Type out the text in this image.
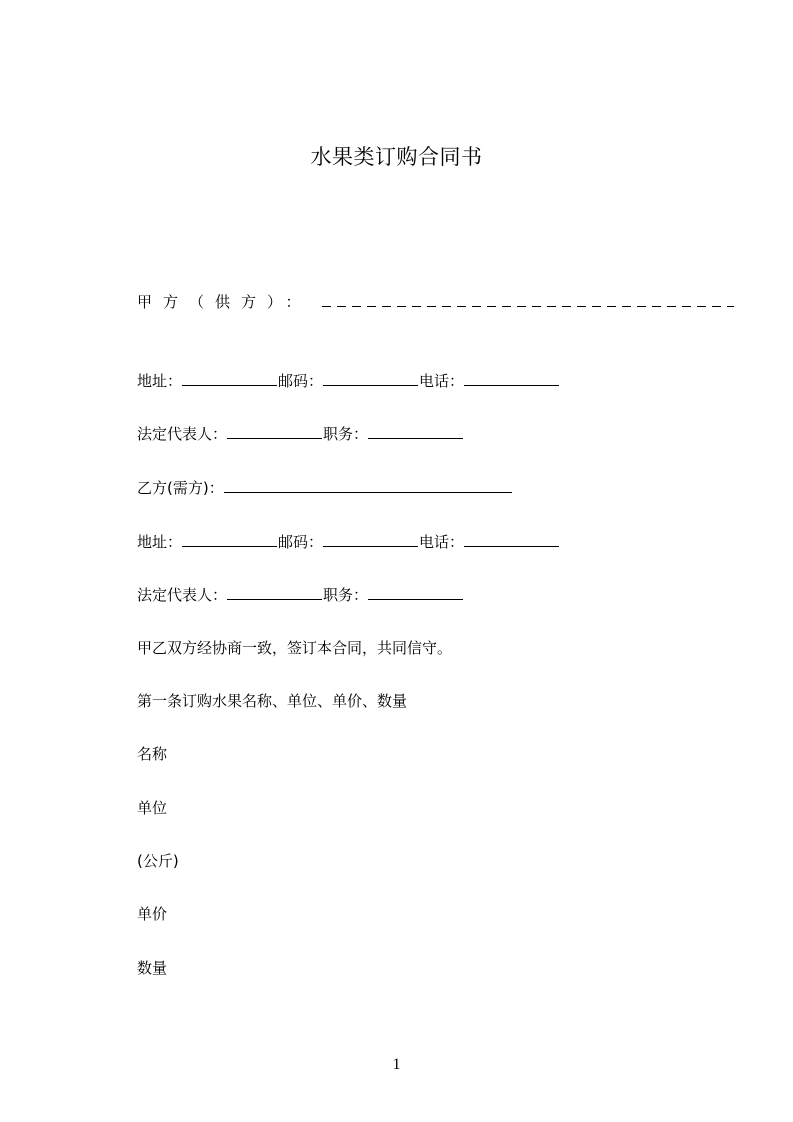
水果类订购合同书
甲方（供方）：
地址：	邮码：	电话：
法定代表人：	职务：
乙方(需方)：
地址：	邮码：	电话：
法定代表人：	职务：
甲乙双方经协商一致，签订本合同，共同信守。
第一条订购水果名称、单位、单价、数量
名称
单位
(公斤)
单价
数量
1
